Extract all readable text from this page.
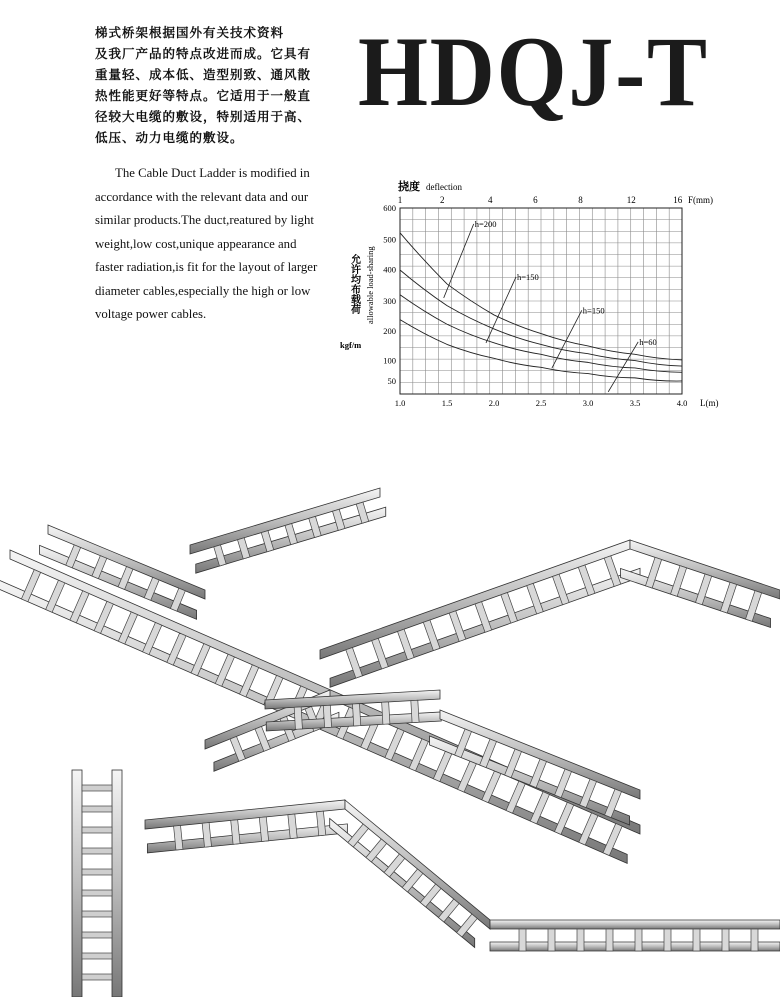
梯式桥架根据国外有关技术资料

及我厂产品的特点改进而成。它具有

重量轻、成本低、造型别致、通风散

热性能更好等特点。它适用于一般直

径较大电缆的敷设，特别适用于高、

低压、动力电缆的敷设。

The Cable Duct Ladder is modified in

accordance with the relevant data and our

similar products.The duct,reatured by light

weight,low cost,unique appearance and

faster radiation,is fit for the layout of larger

diameter cables,especially the high or low

voltage power cables.

HDQJ-T
1	2	4	6	8	12	16
600
500
400
300
200
100
50
1.0	1.5	2.0	2.5	3.0	3.5	4.0
h=200
h=150
h=150
h=60
F(mm)
挠度 deflection
允许均布载荷 allowable load-sharing
kgf/m
L(m)
